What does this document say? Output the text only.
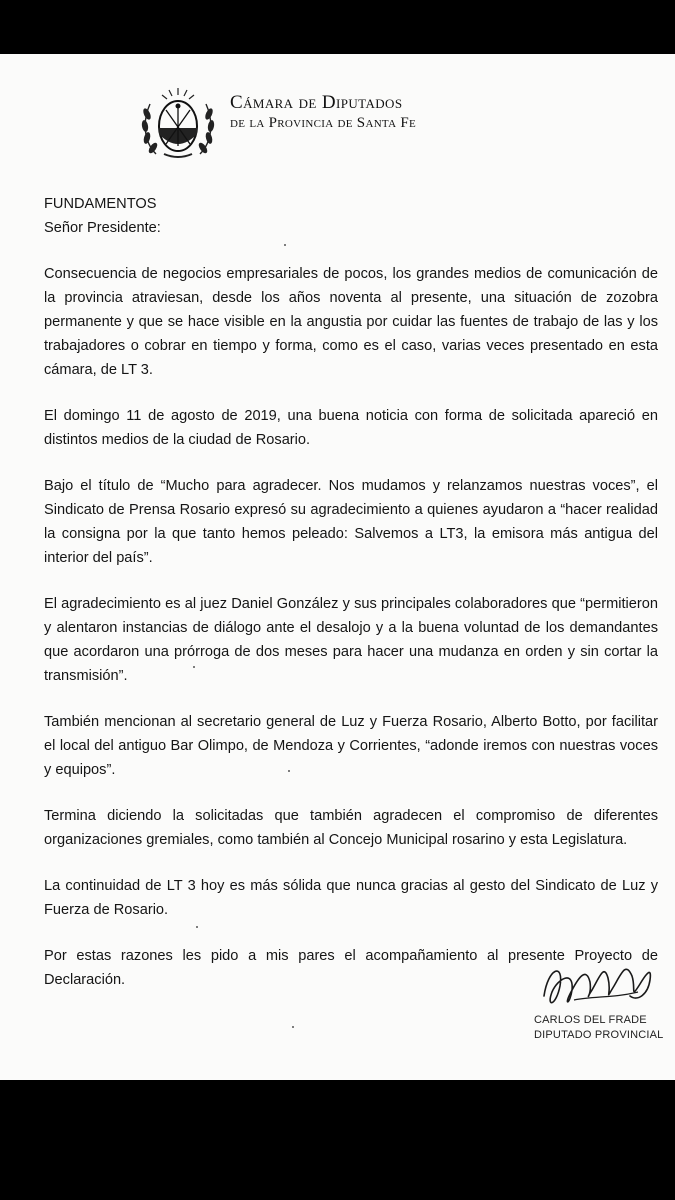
Cámara de Diputados
de la Provincia de Santa Fe

FUNDAMENTOS

Señor Presidente:

Consecuencia de negocios empresariales de pocos, los grandes medios de comunicación de la provincia atraviesan, desde los años noventa al presente, una situación de zozobra permanente y que se hace visible en la angustia por cuidar las fuentes de trabajo de las y los trabajadores o cobrar en tiempo y forma, como es el caso, varias veces presentado en esta cámara, de LT 3.

El domingo 11 de agosto de 2019, una buena noticia con forma de solicitada apareció en distintos medios de la ciudad de Rosario.

Bajo el título de “Mucho para agradecer. Nos mudamos y relanzamos nuestras voces”, el Sindicato de Prensa Rosario expresó su agradecimiento a quienes ayudaron a “hacer realidad la consigna por la que tanto hemos peleado: Salvemos a LT3, la emisora más antigua del interior del país”.

El agradecimiento es al juez Daniel González y sus principales colaboradores que “permitieron y alentaron instancias de diálogo ante el desalojo y a la buena voluntad de los demandantes que acordaron una prórroga de dos meses para hacer una mudanza en orden y sin cortar la transmisión”.

También mencionan al secretario general de Luz y Fuerza Rosario, Alberto Botto, por facilitar el local del antiguo Bar Olimpo, de Mendoza y Corrientes, “adonde iremos con nuestras voces y equipos”.

Termina diciendo la solicitadas que también agradecen el compromiso de diferentes organizaciones gremiales, como también al Concejo Municipal rosarino y esta Legislatura.

La continuidad de LT 3 hoy es más sólida que nunca gracias al gesto del Sindicato de Luz y Fuerza de Rosario.

Por estas razones les pido a mis pares el acompañamiento al presente Proyecto de Declaración.

CARLOS DEL FRADE
DIPUTADO PROVINCIAL
